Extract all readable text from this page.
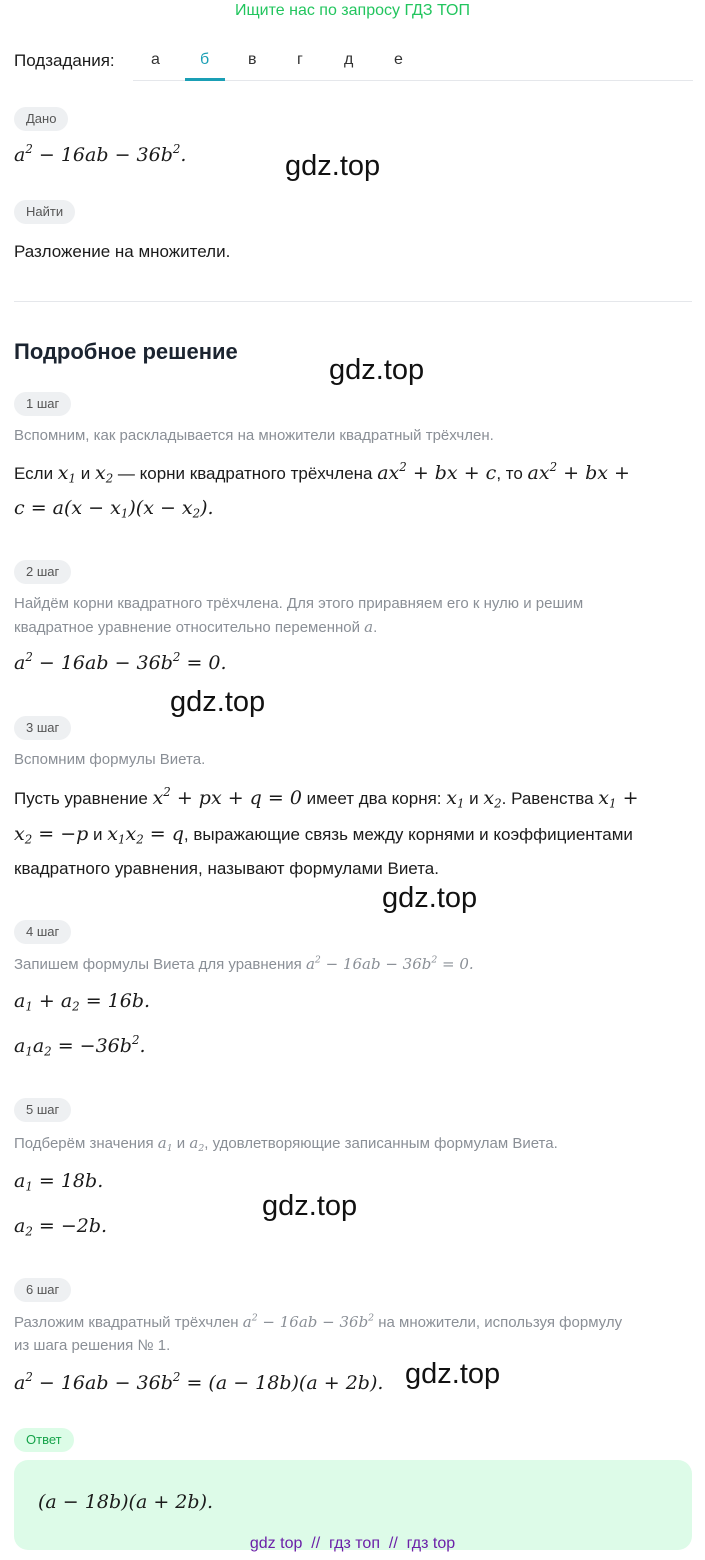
Ищите нас по запросу ГДЗ ТОП
Подзадания: а	б в	г	д	е
Дано
$a^2 - 16ab - 36b^2$.	gdz.top
Найти
Разложение на множители.
Подробное решение
gdz.top
1 шаг
Вспомним, как раскладывается на множители квадратный трёхчлен.
Если $x_1$ и $x_2$ — корни квадратного трёхчлена $ax^2$ + bx + c, то $ax^2$ + bx +
$c = a(x - x_1)(x - x_2)$.
2 шаг
Найдём корни квадратного трёхчлена. Для этого приравняем его к нулю и решим
квадратное уравнение относительно переменной a.
$a^2 - 16ab - 36b^2 = 0$.
gdz.top
3 шаг
Вспомним формулы Виета.
Пусть уравнение $x^2$ + px + q = 0 имеет два корня: $x_1$ и $x_2$. Равенства $x_1$ +
$x_2 = -p$ и $x_1x_2 = q$, выражающие связь между корнями и коэффициентами
квадратного уравнения, называют формулами Виета.
gdz.top
4 шаг
Запишем формулы Виета для уравнения $a^2 - 16ab - 36b^2 = 0$.
$a_1 + a_2 = 16b$.
$a_1a_2 = -36b^2$.
5 шаг
Подберём значения $a_1$ и $a_2$, удовлетворяющие записанным формулам Виета.
$a_1 = 18b$.
$a_2 = -2b$.
gdz.top
6 шаг
Разложим квадратный трёхчлен $a^2 - 16ab - 36b^2$ на множители, используя формулу
из шага решения № 1.
$a^2 - 16ab - 36b^2 = (a - 18b)(a + 2b)$. gdz.top
Ответ
(a − 18b)(a + 2b).
gdz top  //  гдз топ  //  гдз top
